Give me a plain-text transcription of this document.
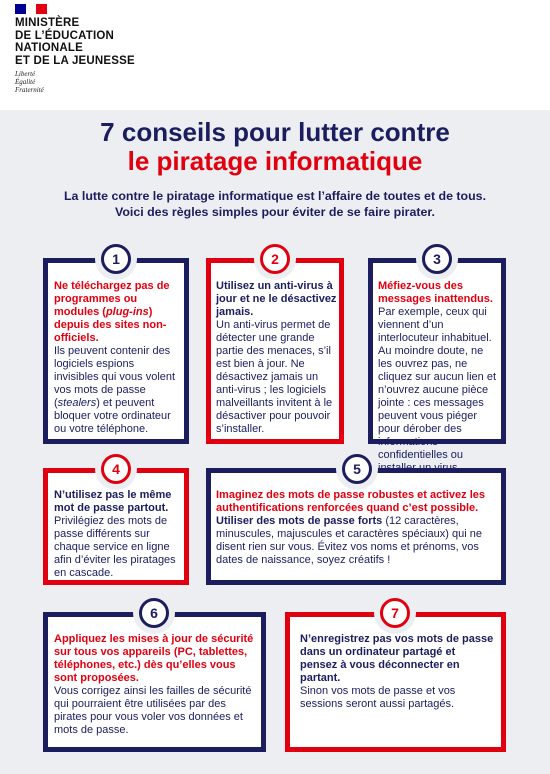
MINISTÈRE
DE L’ÉDUCATION
NATIONALE
ET DE LA JEUNESSE
Liberté
Égalité
Fraternité
7 conseils pour lutter contre
le piratage informatique
La lutte contre le piratage informatique est l’affaire de toutes et de tous.
Voici des règles simples pour éviter de se faire pirater.
1

Ne téléchargez pas de programmes ou modules (plug-ins) depuis des sites non-officiels.

Ils peuvent contenir des logiciels espions invisibles qui vous volent vos mots de passe (stealers) et peuvent bloquer votre ordinateur ou votre téléphone.

2

Utilisez un anti-virus à jour et ne le désactivez jamais.

Un anti-virus permet de détecter une grande partie des menaces, s’il est bien à jour. Ne désactivez jamais un anti-virus ; les logiciels malveillants invitent à le désactiver pour pouvoir s’installer.

3

Méfiez-vous des messages inattendus.

Par exemple, ceux qui viennent d’un interlocuteur inhabituel. Au moindre doute, ne les ouvrez pas, ne cliquez sur aucun lien et n’ouvrez aucune pièce jointe : ces messages peuvent vous piéger pour dérober des informations confidentielles ou

4

N’utilisez pas le même mot de passe partout.

Privilégiez des mots de passe différents sur chaque service en ligne afin d’éviter les piratages en cascade.

5

Imaginez des mots de passe robustes et activez les authentifications renforcées quand c’est possible.

Utiliser des mots de passe forts (12 caractères, minuscules, majuscules et caractères spéciaux) qui ne disent rien sur vous. Évitez vos noms et prénoms, vos dates de naissance, soyez créatifs !

6

Appliquez les mises à jour de sécurité sur tous vos appareils (PC, tablettes, téléphones, etc.) dès qu’elles vous sont proposées.

Vous corrigez ainsi les failles de sécurité qui pourraient être utilisées par des pirates pour vous voler vos données et mots de passe.

7

N’enregistrez pas vos mots de passe dans un ordinateur partagé et pensez à vous déconnecter en partant.

Sinon vos mots de passe et vos sessions seront aussi partagés.
